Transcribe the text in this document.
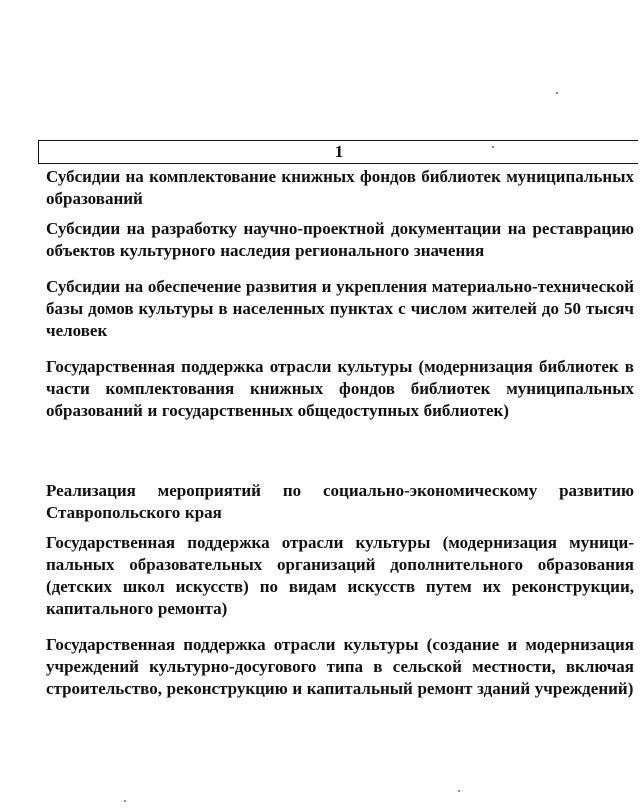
1
Субсидии на комплектование книжных фондов библиотек муниципальных образований
Субсидии на разработку научно-проектной документации на реставрацию объектов культурного наследия регионального значения
Субсидии на обеспечение развития и укрепления материально-технической базы домов культуры в населенных пунктах с числом жителей до 50 тысяч человек
Государственная поддержка отрасли культуры (модернизация библиотек в части комплектования книжных фондов библиотек муниципальных образований и государственных общедоступных библиотек)
Реализация мероприятий по социально-экономическому развитию Ставропольского края
Государственная поддержка отрасли культуры (модернизация муниципальных образовательных организаций дополнительного образования (детских школ искусств) по видам искусств путем их реконструкции, капитального ремонта)
Государственная поддержка отрасли культуры (создание и модернизация учреждений культурно-досугового типа в сельской местности, включая строительство, реконструкцию и капитальный ремонт зданий учреждений)
